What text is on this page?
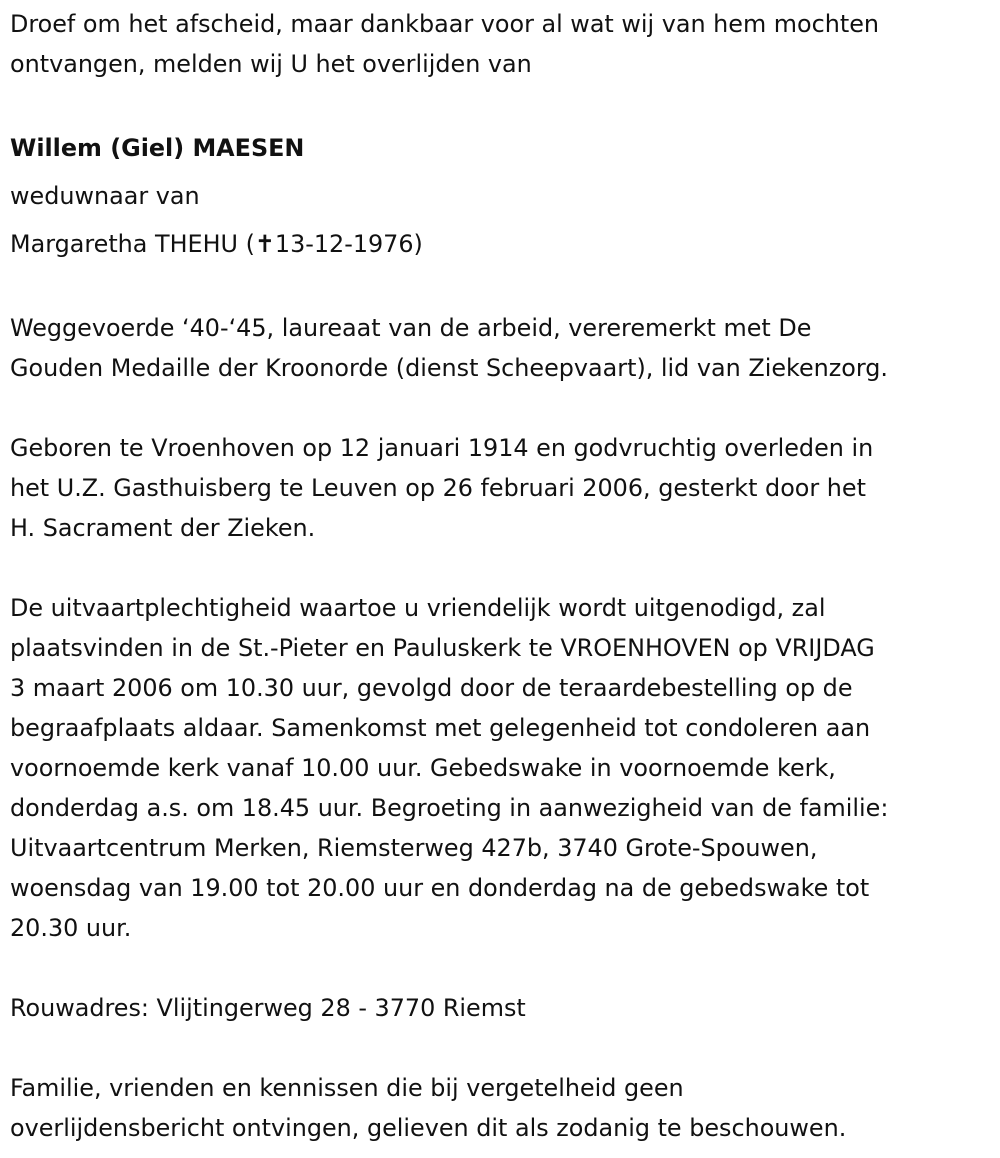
Droef om het afscheid, maar dankbaar voor al wat wij van hem mochten
ontvangen, melden wij U het overlijden van
Willem (Giel) MAESEN
weduwnaar van
Margaretha THEHU (✝13-12-1976)
Weggevoerde ‘40-‘45, laureaat van de arbeid, vereremerkt met De
Gouden Medaille der Kroonorde (dienst Scheepvaart), lid van Ziekenzorg.
Geboren te Vroenhoven op 12 januari 1914 en godvruchtig overleden in
het U.Z. Gasthuisberg te Leuven op 26 februari 2006, gesterkt door het
H. Sacrament der Zieken.
De uitvaartplechtigheid waartoe u vriendelijk wordt uitgenodigd, zal
plaatsvinden in de St.-Pieter en Pauluskerk te VROENHOVEN op VRIJDAG
3 maart 2006 om 10.30 uur, gevolgd door de teraardebestelling op de
begraafplaats aldaar. Samenkomst met gelegenheid tot condoleren aan
voornoemde kerk vanaf 10.00 uur. Gebedswake in voornoemde kerk,
donderdag a.s. om 18.45 uur. Begroeting in aanwezigheid van de familie:
Uitvaartcentrum Merken, Riemsterweg 427b, 3740 Grote-Spouwen,
woensdag van 19.00 tot 20.00 uur en donderdag na de gebedswake tot
20.30 uur.
Rouwadres: Vlijtingerweg 28 - 3770 Riemst
Familie, vrienden en kennissen die bij vergetelheid geen
overlijdensbericht ontvingen, gelieven dit als zodanig te beschouwen.
